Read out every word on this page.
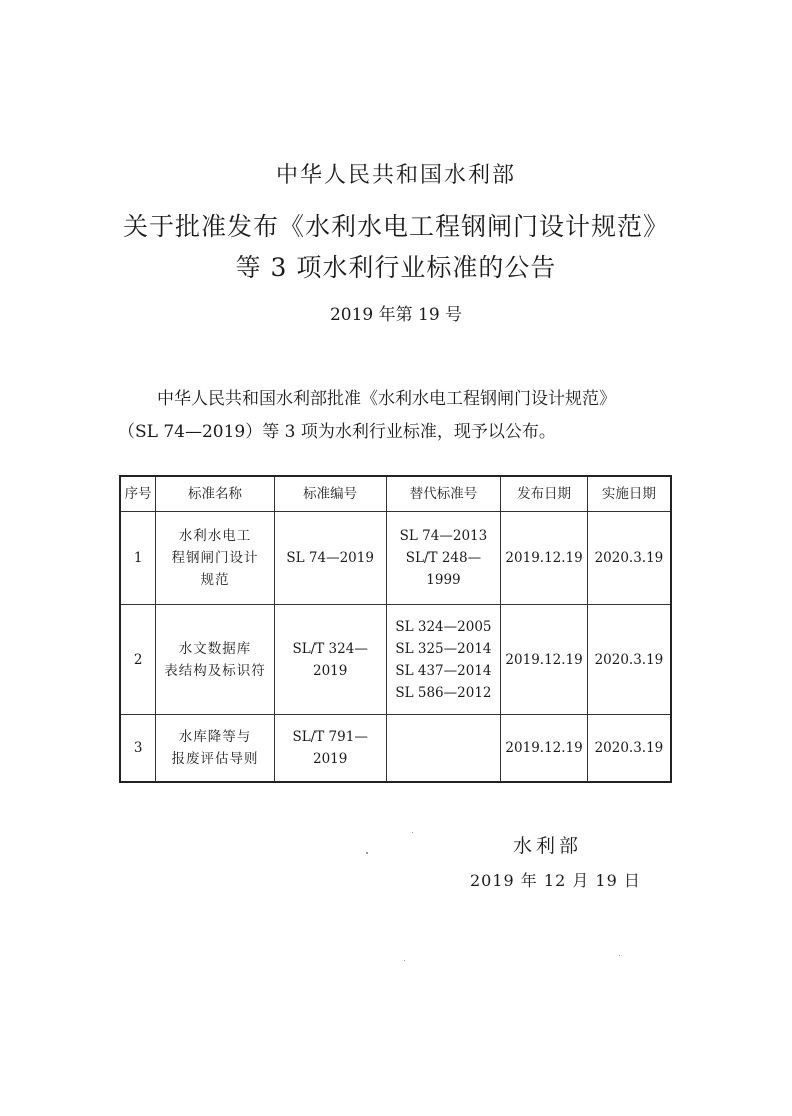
中华人民共和国水利部
关于批准发布《水利水电工程钢闸门设计规范》
等 3 项水利行业标准的公告
2019 年第 19 号
中华人民共和国水利部批准《水利水电工程钢闸门设计规范》
（SL 74—2019）等 3 项为水利行业标准，现予以公布。
序号	标准名称	标准编号	替代标准号	发布日期	实施日期
1	水利水电工
程钢闸门设计
规范	SL 74—2019	SL 74—2013
SL/T 248—1999	2019.12.19	2020.3.19
2	水文数据库
表结构及标识符	SL/T 324—2019	SL 324—2005
SL 325—2014
SL 437—2014
SL 586—2012	2019.12.19	2020.3.19
3	水库降等与
报废评估导则	SL/T 791—2019		2019.12.19	2020.3.19
水利部
2019 年 12 月 19 日
